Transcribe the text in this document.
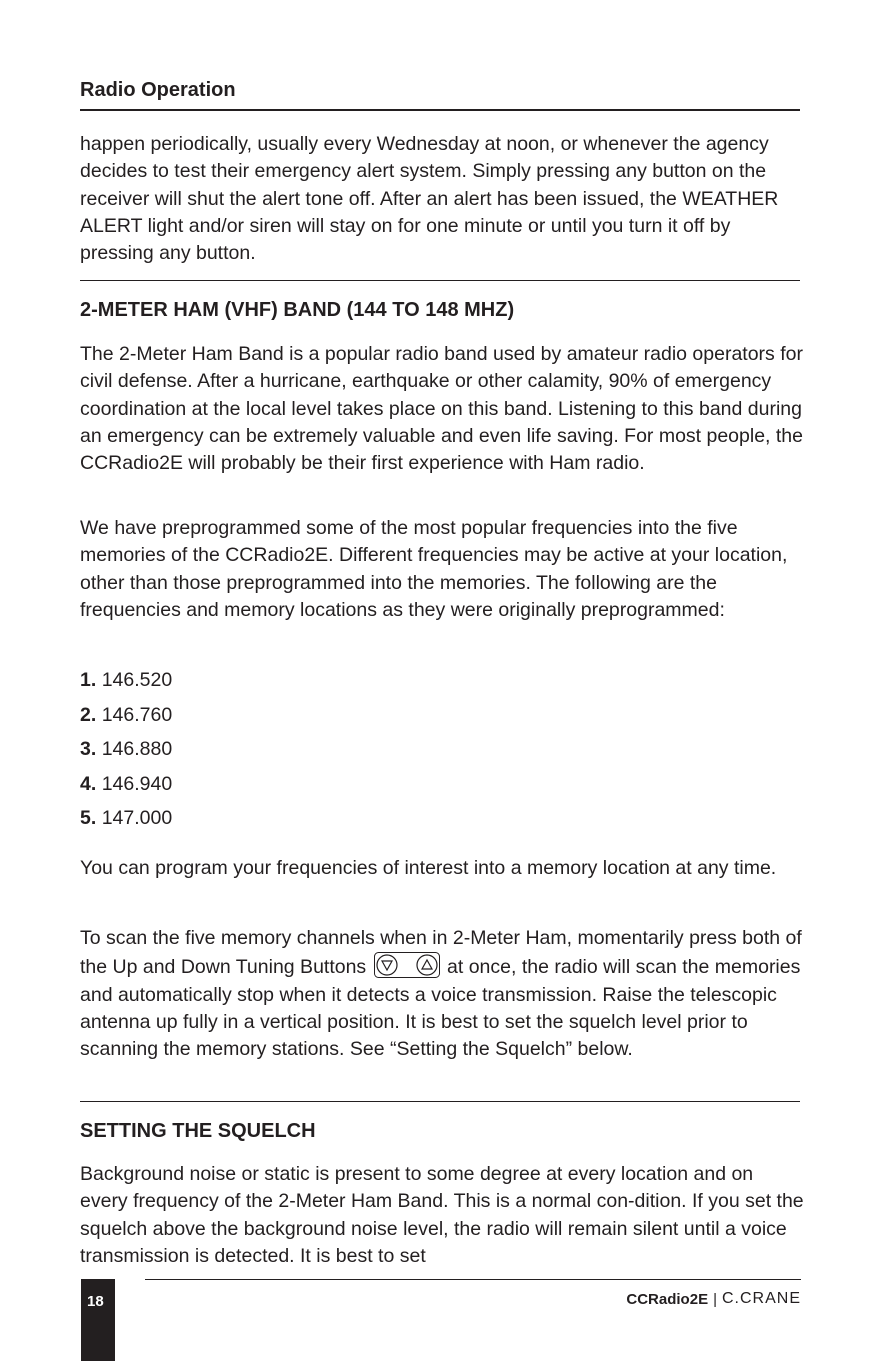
Radio Operation

happen periodically, usually every Wednesday at noon, or whenever the agency decides to test their emergency alert system. Simply pressing any button on the receiver will shut the alert tone off. After an alert has been issued, the WEATHER ALERT light and/or siren will stay on for one minute or until you turn it off by pressing any button.

2-METER HAM (VHF) BAND (144 TO 148 MHZ)

The 2-Meter Ham Band is a popular radio band used by amateur radio operators for civil defense. After a hurricane, earthquake or other calamity, 90% of emergency coordination at the local level takes place on this band. Listening to this band during an emergency can be extremely valuable and even life saving. For most people, the CCRadio2E will probably be their first experience with Ham radio.

We have preprogrammed some of the most popular frequencies into the five memories of the CCRadio2E. Different frequencies may be active at your location, other than those preprogrammed into the memories. The following are the frequencies and memory locations as they were originally preprogrammed:

1. 146.520
2. 146.760
3. 146.880
4. 146.940
5. 147.000

You can program your frequencies of interest into a memory location at any time.

To scan the five memory channels when in 2-Meter Ham, momentarily press both of the Up and Down Tuning Buttons	at once, the radio will scan the memories and automatically stop when it detects a voice transmission. Raise the telescopic antenna up fully in a vertical position. It is best to set the squelch level prior to scanning the memory stations. See “Setting the Squelch” below.

SETTING THE SQUELCH

Background noise or static is present to some degree at every location and on every frequency of the 2-Meter Ham Band. This is a normal con-dition. If you set the squelch above the background noise level, the radio will remain silent until a voice transmission is detected. It is best to set

18	CCRadio2E | C.CRANE
